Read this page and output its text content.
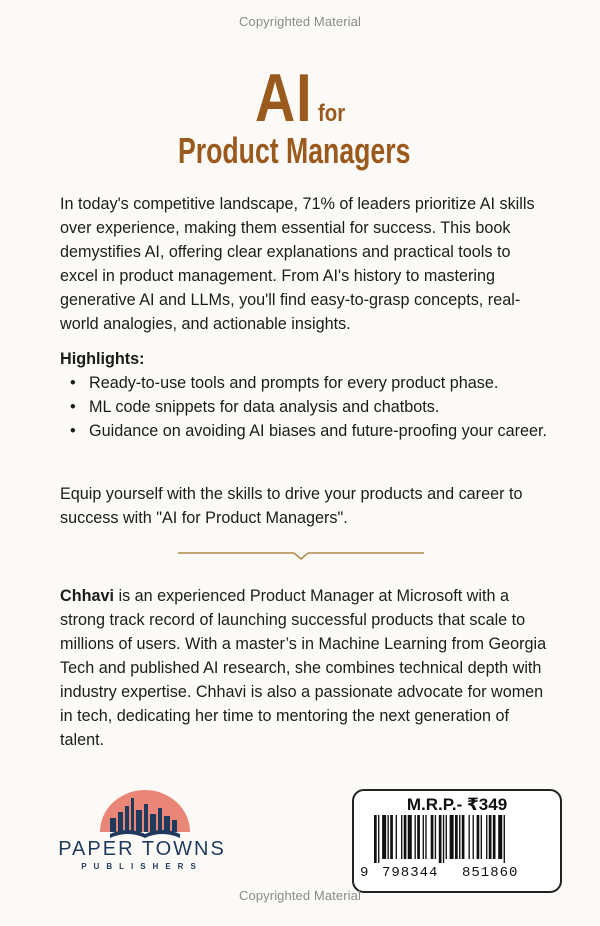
Copyrighted Material
AI for
Product Managers
In today's competitive landscape, 71% of leaders prioritize AI skills over experience, making them essential for success. This book demystifies AI, offering clear explanations and practical tools to excel in product management. From AI's history to mastering generative AI and LLMs, you'll find easy-to-grasp concepts, real-world analogies, and actionable insights.
Highlights:
• Ready-to-use tools and prompts for every product phase.
• ML code snippets for data analysis and chatbots.
• Guidance on avoiding AI biases and future-proofing your career.
Equip yourself with the skills to drive your products and career to success with "AI for Product Managers".
Chhavi is an experienced Product Manager at Microsoft with a strong track record of launching successful products that scale to millions of users. With a master’s in Machine Learning from Georgia Tech and published AI research, she combines technical depth with industry expertise. Chhavi is also a passionate advocate for women in tech, dedicating her time to mentoring the next generation of talent.
PAPER TOWNS
PUBLISHERS
M.R.P.- ₹349
9 798344 851860
Copyrighted Material
